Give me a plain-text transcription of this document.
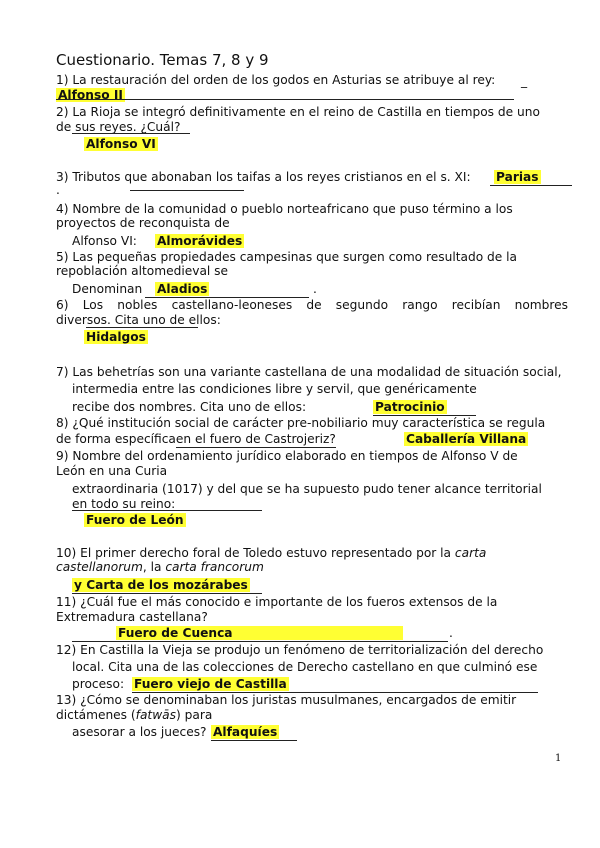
Cuestionario. Temas 7, 8 y 9
1) La restauración del orden de los godos en Asturias se atribuye al rey: _
Alfonso II
2) La Rioja se integró definitivamente en el reino de Castilla en tiempos de uno
de sus reyes. ¿Cuál?
Alfonso VI
3) Tributos que abonaban los taifas a los reyes cristianos en el s. XI:	Parias
.
4) Nombre de la comunidad o pueblo norteafricano que puso término a los
proyectos de reconquista de
Alfonso VI: Almorávides
5) Las pequeñas propiedades campesinas que surgen como resultado de la
repoblación altomedieval se
Denominan	Aladios	.
6) Los nobles castellano-leoneses de segundo rango recibían nombres
diversos. Cita uno de ellos:
Hidalgos
7) Las behetrías son una variante castellana de una modalidad de situación social,
intermedia entre las condiciones libre y servil, que genéricamente
recibe dos nombres. Cita uno de ellos:	Patrocinio
8) ¿Qué institución social de carácter pre-nobiliario muy característica se regula
de forma específicaen el fuero de Castrojeriz?	Caballería Villana
9) Nombre del ordenamiento jurídico elaborado en tiempos de Alfonso V de
León en una Curia
extraordinaria (1017) y del que se ha supuesto pudo tener alcance territorial
en todo su reino:
Fuero de León
10) El primer derecho foral de Toledo estuvo representado por la carta
castellanorum, la carta francorum
y Carta de los mozárabes
11) ¿Cuál fue el más conocido e importante de los fueros extensos de la
Extremadura castellana?
Fuero de Cuenca	.
12) En Castilla la Vieja se produjo un fenómeno de territorialización del derecho
local. Cita una de las colecciones de Derecho castellano en que culminó ese
proceso: Fuero viejo de Castilla
13) ¿Cómo se denominaban los juristas musulmanes, encargados de emitir
dictámenes (fatwās) para
asesorar a los jueces? Alfaquíes
1
